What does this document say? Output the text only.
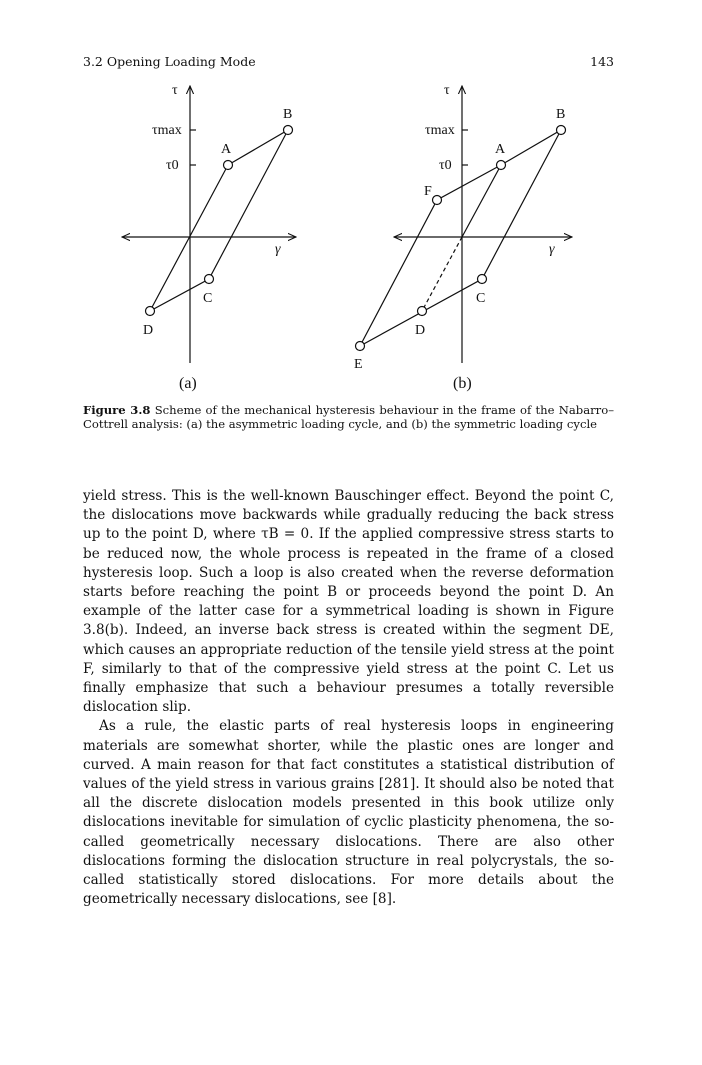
3.2 Opening Loading Mode	143
τ
γ
τmax
τ0
A
B
C
D
(a)
τ
γ
τmax
τ0
A
B
C
D
E
F
(b)
Figure 3.8 Scheme of the mechanical hysteresis behaviour in the frame of the Nabarro–Cottrell analysis: (a) the asymmetric loading cycle, and (b) the symmetric loading cycle

yield stress. This is the well-known Bauschinger effect. Beyond the point C, the dislocations move backwards while gradually reducing the back stress up to the point D, where τB = 0. If the applied compressive stress starts to be reduced now, the whole process is repeated in the frame of a closed hysteresis loop. Such a loop is also created when the reverse deformation starts before reaching the point B or proceeds beyond the point D. An example of the latter case for a symmetrical loading is shown in Figure 3.8(b). Indeed, an inverse back stress is created within the segment DE, which causes an appropriate reduction of the tensile yield stress at the point F, similarly to that of the compressive yield stress at the point C. Let us finally emphasize that such a behaviour presumes a totally reversible dislocation slip.

As a rule, the elastic parts of real hysteresis loops in engineering materials are somewhat shorter, while the plastic ones are longer and curved. A main reason for that fact constitutes a statistical distribution of values of the yield stress in various grains [281]. It should also be noted that all the discrete dislocation models presented in this book utilize only dislocations inevitable for simulation of cyclic plasticity phenomena, the so-called geometrically necessary dislocations. There are also other dislocations forming the dislocation structure in real polycrystals, the so-called statistically stored dislocations. For more details about the geometrically necessary dislocations, see [8].
